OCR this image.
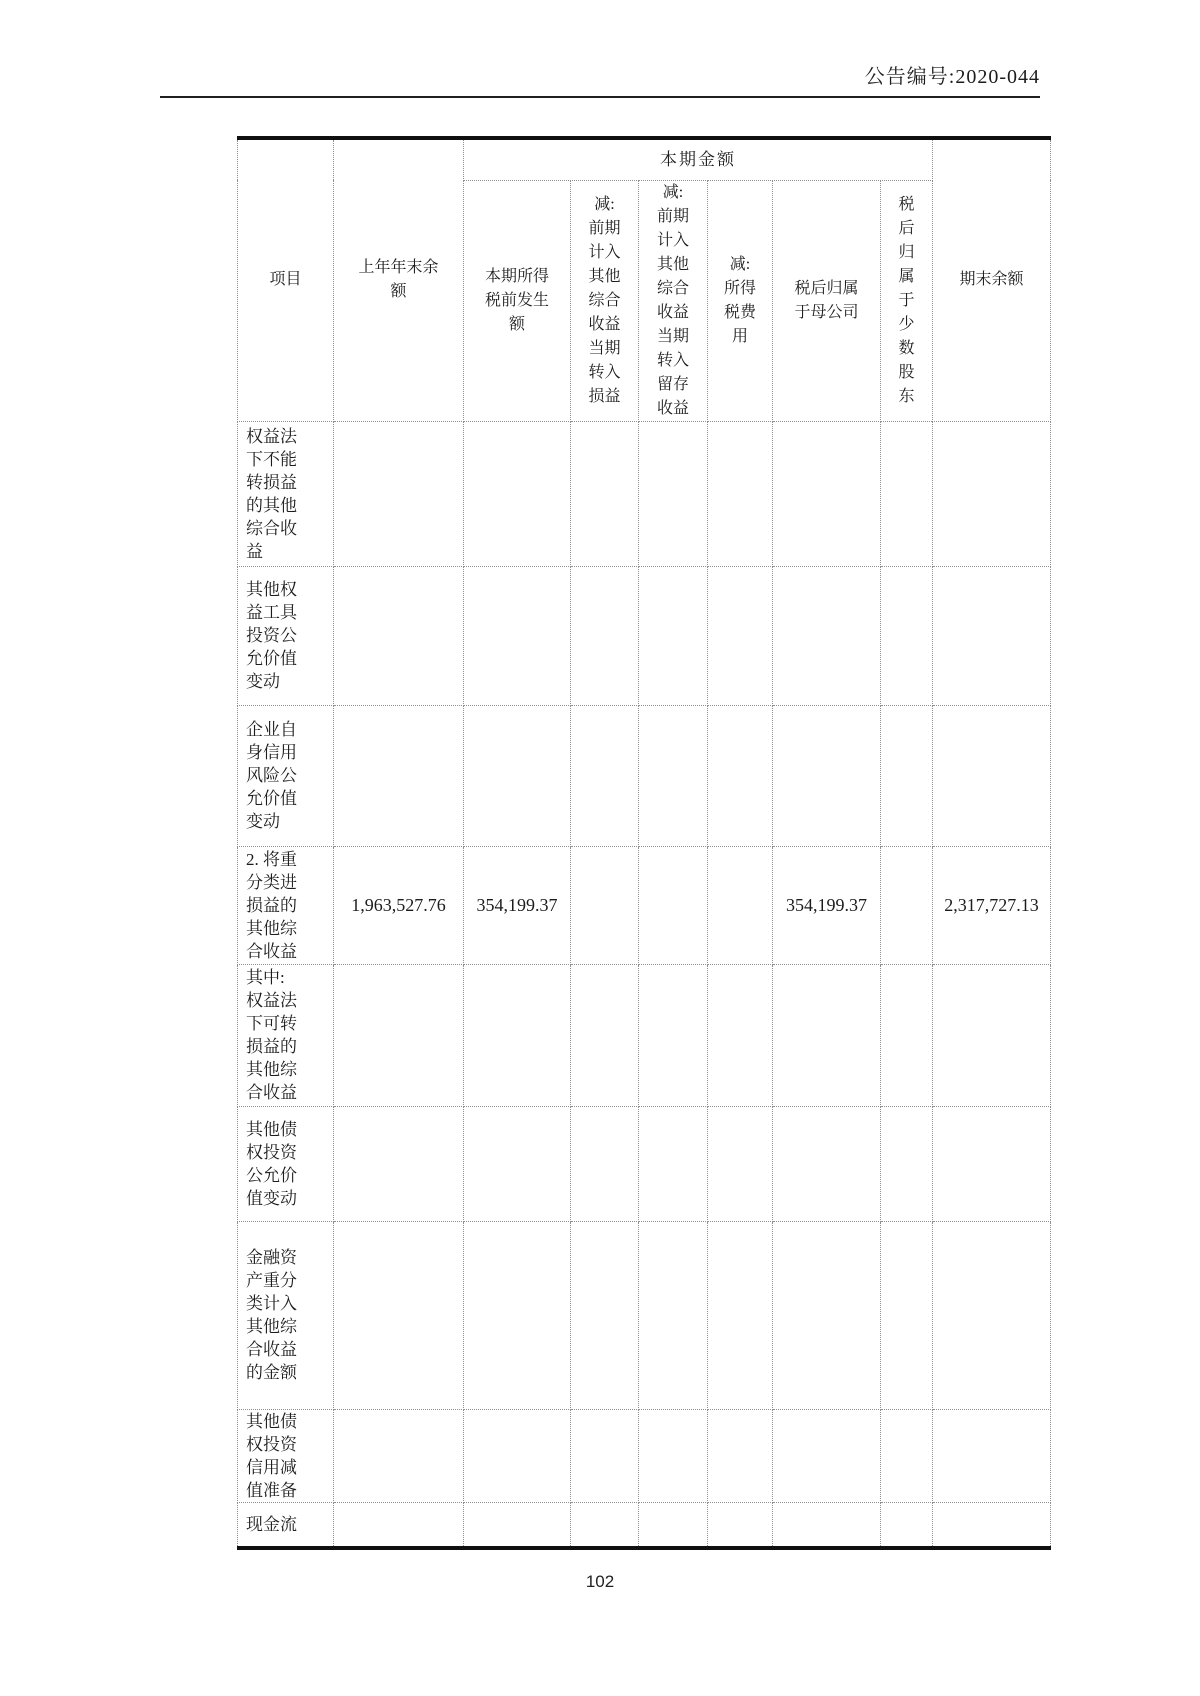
公告编号:2020-044
项目	上年年末余额	本期金额						期末余额
		本期所得税前发生额	减:前期计入其他综合收益当期转入损益	减:前期计入其他综合收益当期转入留存收益	减:所得税费用	税后归属于母公司	税后归属于少数股东	
权益法下不能转损益的其他综合收益								
其他权益工具投资公允价值变动								
企业自身信用风险公允价值变动								
2. 将重分类进损益的其他综合收益	1,963,527.76	354,199.37				354,199.37		2,317,727.13
其中:权益法下可转损益的其他综合收益								
其他债权投资公允价值变动								
金融资产重分类计入其他综合收益的金额								
其他债权投资信用减值准备								
现金流								
102
